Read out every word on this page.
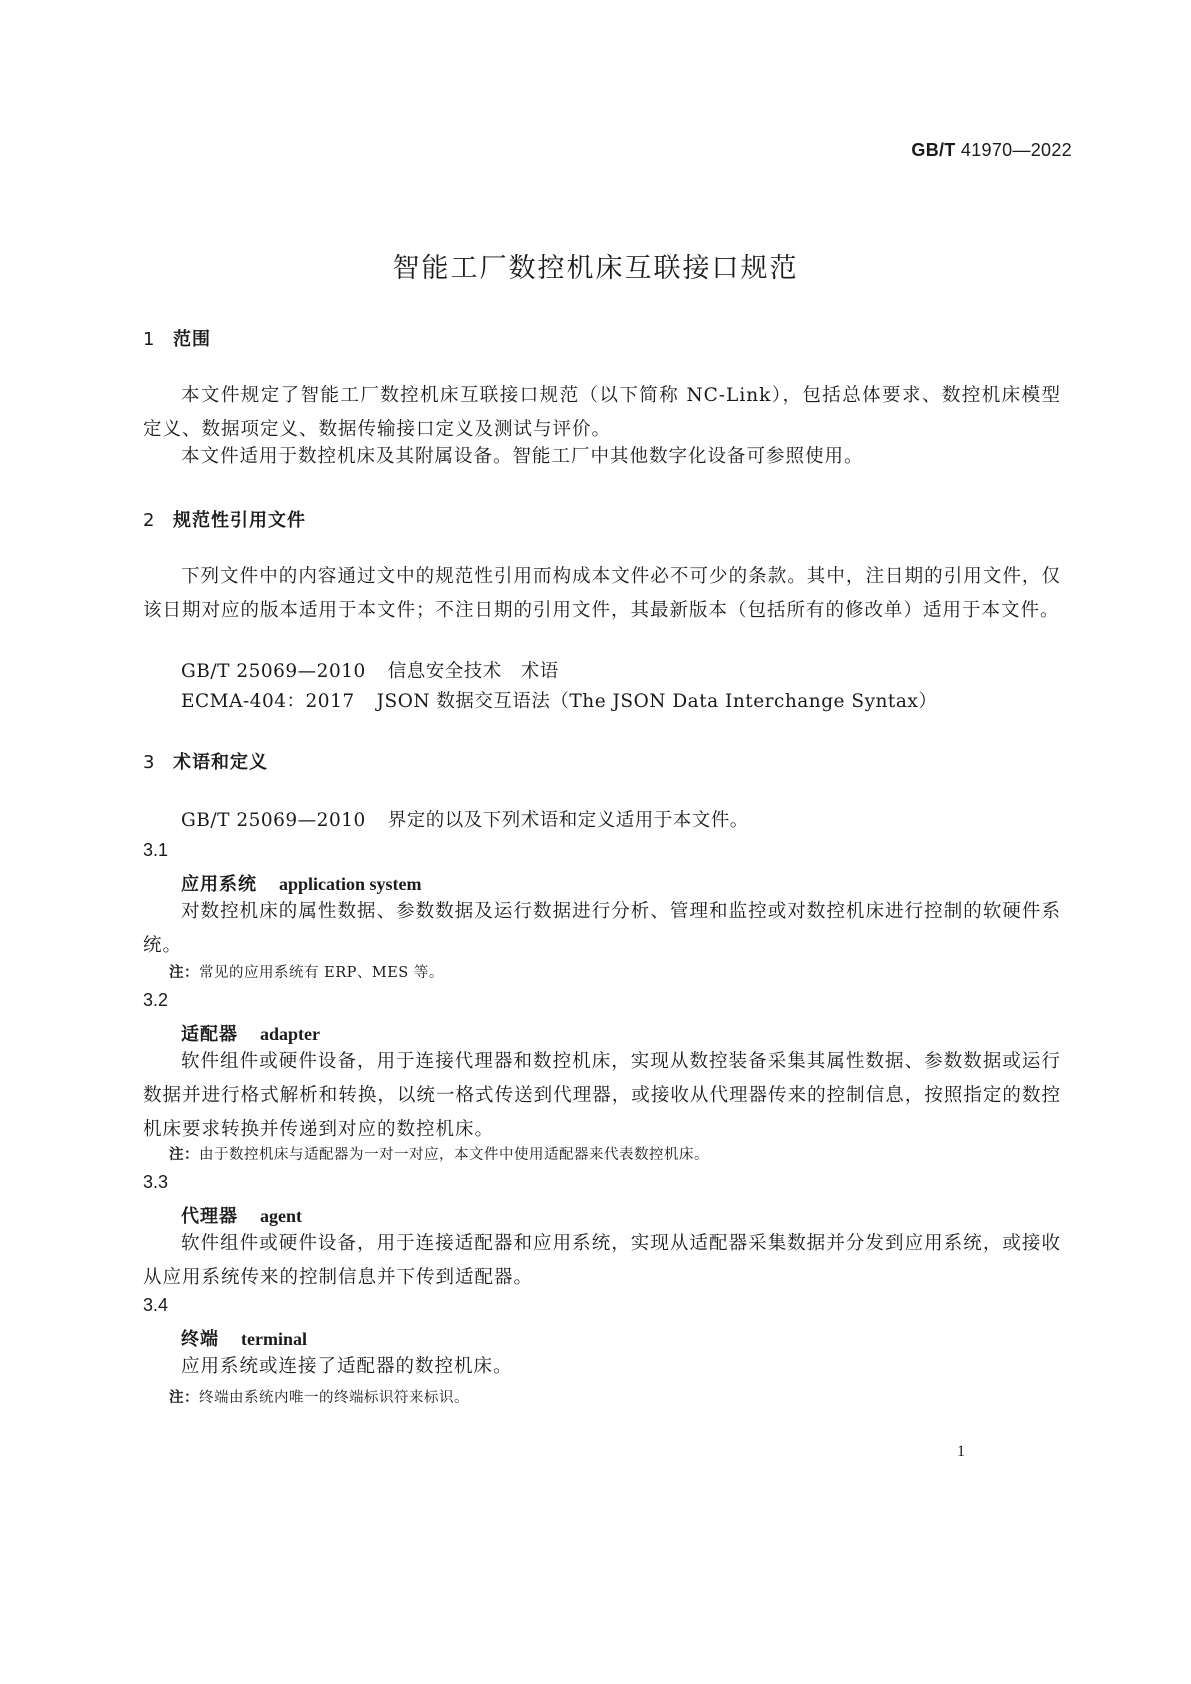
GB/T 41970—2022
智能工厂数控机床互联接口规范
1 范围

本文件规定了智能工厂数控机床互联接口规范（以下简称 NC-Link），包括总体要求、数控机床模型定义、数据项定义、数据传输接口定义及测试与评价。

本文件适用于数控机床及其附属设备。智能工厂中其他数字化设备可参照使用。

2 规范性引用文件

下列文件中的内容通过文中的规范性引用而构成本文件必不可少的条款。其中，注日期的引用文件，仅该日期对应的版本适用于本文件；不注日期的引用文件，其最新版本（包括所有的修改单）适用于本文件。

GB/T 25069—2010 信息安全技术　术语

ECMA-404：2017 JSON 数据交互语法（The JSON Data Interchange Syntax）

3 术语和定义

GB/T 25069—2010 界定的以及下列术语和定义适用于本文件。

3.1

应用系统 application system

对数控机床的属性数据、参数数据及运行数据进行分析、管理和监控或对数控机床进行控制的软硬件系统。

注：常见的应用系统有 ERP、MES 等。

3.2

适配器 adapter

软件组件或硬件设备，用于连接代理器和数控机床，实现从数控装备采集其属性数据、参数数据或运行数据并进行格式解析和转换，以统一格式传送到代理器，或接收从代理器传来的控制信息，按照指定的数控机床要求转换并传递到对应的数控机床。

注：由于数控机床与适配器为一对一对应，本文件中使用适配器来代表数控机床。

3.3

代理器 agent

软件组件或硬件设备，用于连接适配器和应用系统，实现从适配器采集数据并分发到应用系统，或接收从应用系统传来的控制信息并下传到适配器。

3.4

终端 terminal

应用系统或连接了适配器的数控机床。

注：终端由系统内唯一的终端标识符来标识。

1
